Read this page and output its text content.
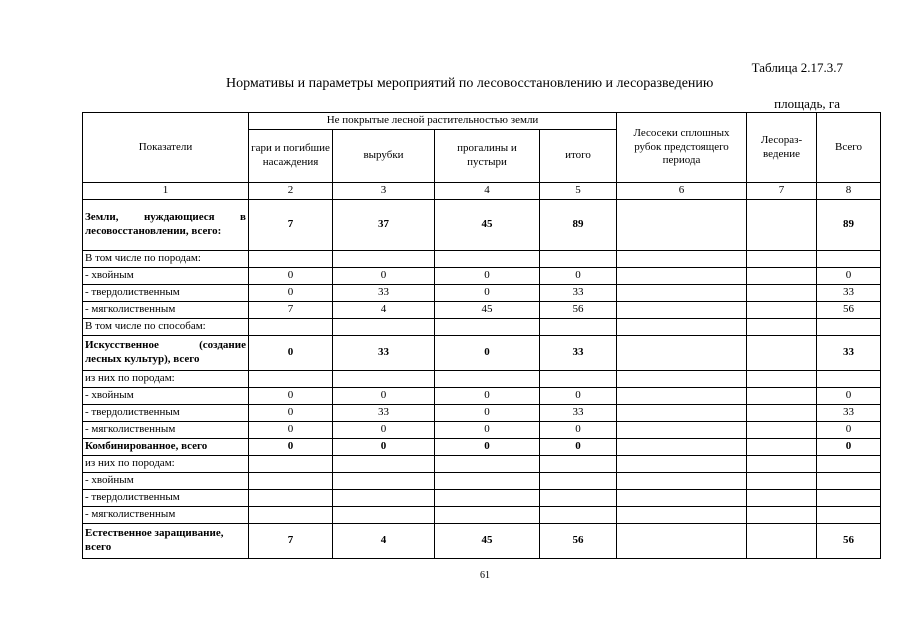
Таблица 2.17.3.7
Нормативы и параметры мероприятий по лесовосстановлению и лесоразведению
площадь, га
Показатели	Не покрытые лесной растительностью земли				Лесосеки сплошных рубок предстоящего периода	Лесораз- ведение	Всего
	гари и погибшие насаждения	вырубки	прогалины и пустыри	итого			
1	2	3	4	5	6	7	8
Земли, нуждающиеся в лесовосстановлении, всего:	7	37	45	89			89
В том числе по породам:							
- хвойным	0	0	0	0			0
- твердолиственным	0	33	0	33			33
- мягколиственным	7	4	45	56			56
В том числе по способам:							
Искусственное (создание лесных культур), всего	0	33	0	33			33
из них по породам:							
- хвойным	0	0	0	0			0
- твердолиственным	0	33	0	33			33
- мягколиственным	0	0	0	0			0
Комбинированное, всего	0	0	0	0			0
из них по породам:							
- хвойным							
- твердолиственным							
- мягколиственным							
Естественное заращивание, всего	7	4	45	56			56
61
